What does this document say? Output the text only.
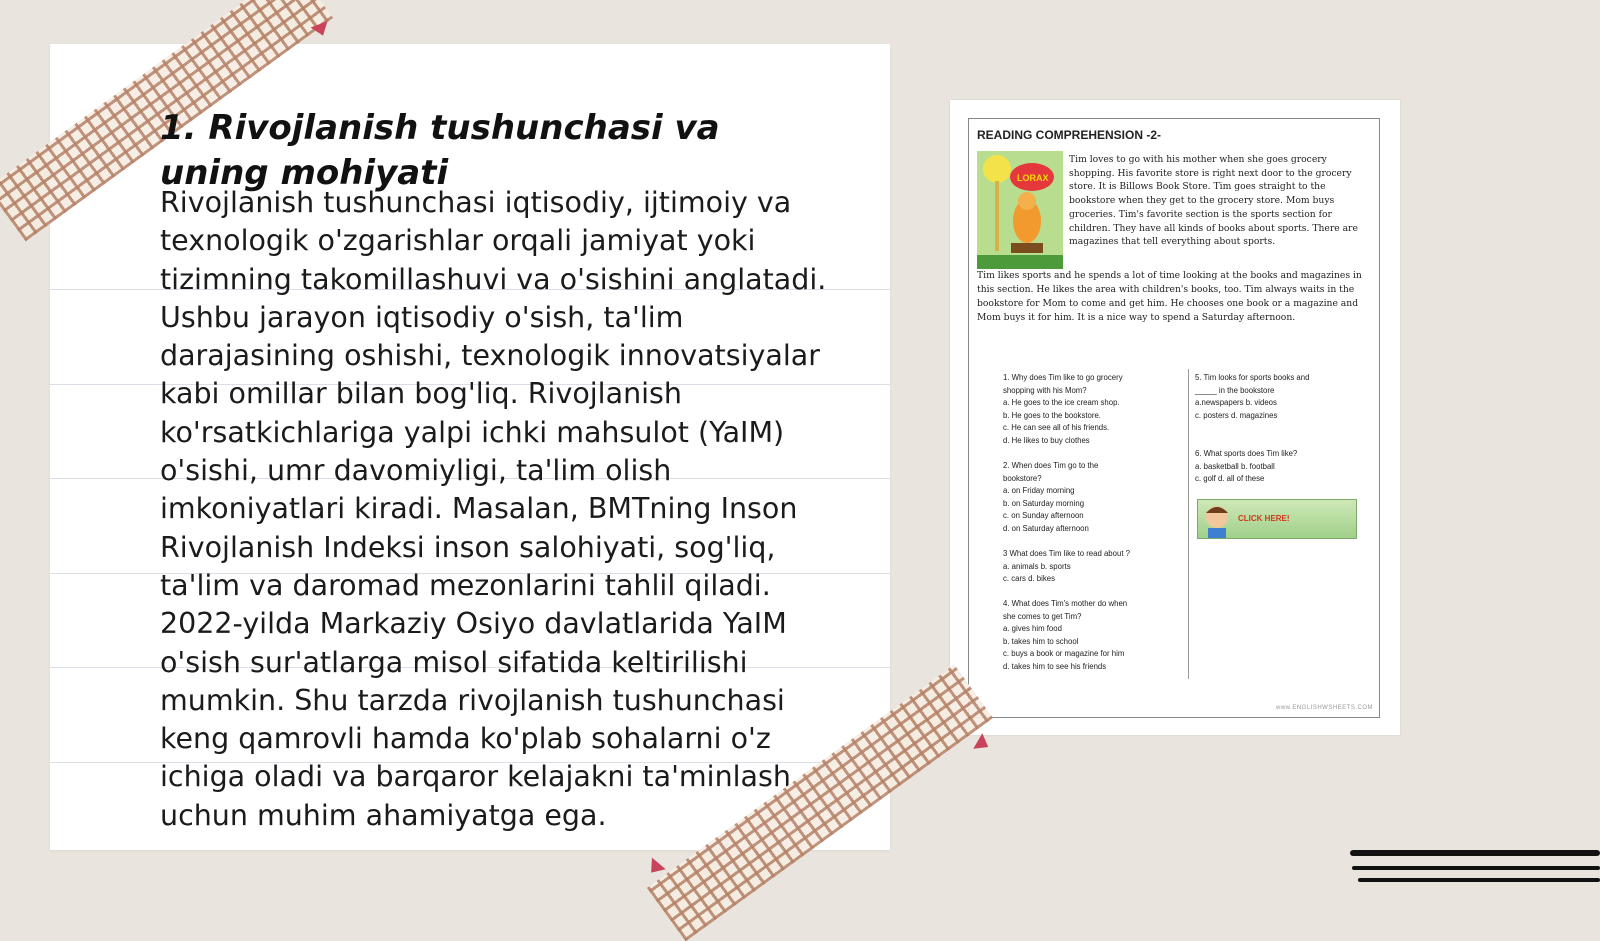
1. Rivojlanish tushunchasi va uning mohiyati

Rivojlanish tushunchasi iqtisodiy, ijtimoiy va texnologik o'zgarishlar orqali jamiyat yoki tizimning takomillashuvi va o'sishini anglatadi. Ushbu jarayon iqtisodiy o'sish, ta'lim darajasining oshishi, texnologik innovatsiyalar kabi omillar bilan bog'liq. Rivojlanish ko'rsatkichlariga yalpi ichki mahsulot (YaIM) o'sishi, umr davomiyligi, ta'lim olish imkoniyatlari kiradi. Masalan, BMTning Inson Rivojlanish Indeksi inson salohiyati, sog'liq, ta'lim va daromad mezonlarini tahlil qiladi. 2022-yilda Markaziy Osiyo davlatlarida YaIM o'sish sur'atlarga misol sifatida keltirilishi mumkin. Shu tarzda rivojlanish tushunchasi keng qamrovli hamda ko'plab sohalarni o'z ichiga oladi va barqaror kelajakni ta'minlash uchun muhim ahamiyatga ega.

READING COMPREHENSION -2-
LORAX

Tim loves to go with his mother when she goes grocery shopping. His favorite store is right next door to the grocery store. It is Billows Book Store. Tim goes straight to the bookstore when they get to the grocery store. Mom buys groceries. Tim's favorite section is the sports section for children. They have all kinds of books about sports. There are magazines that tell everything about sports.

Tim likes sports and he spends a lot of time looking at the books and magazines in this section. He likes the area with children's books, too. Tim always waits in the bookstore for Mom to come and get him. He chooses one book or a magazine and Mom buys it for him. It is a nice way to spend a Saturday afternoon.

1. Why does Tim like to go grocery
shopping with his Mom?
a. He goes to the ice cream shop.
b. He goes to the bookstore.
c. He can see all of his friends.
d. He likes to buy clothes
2. When does Tim go to the
bookstore?
a. on Friday morning
b. on Saturday morning
c. on Sunday afternoon
d. on Saturday afternoon
3 What does Tim like to read about ?
a. animals b. sports
c. cars d. bikes
4. What does Tim's mother do when
she comes to get Tim?
a. gives him food
b. takes him to school
c. buys a book or magazine for him
d. takes him to see his friends
5. Tim looks for sports books and
_____ in the bookstore
a.newspapers b. videos
c. posters d. magazines
6. What sports does Tim like?
a. basketball b. football
c. golf d. all of these
CLICK HERE!
www.ENGLISHWSHEETS.COM
